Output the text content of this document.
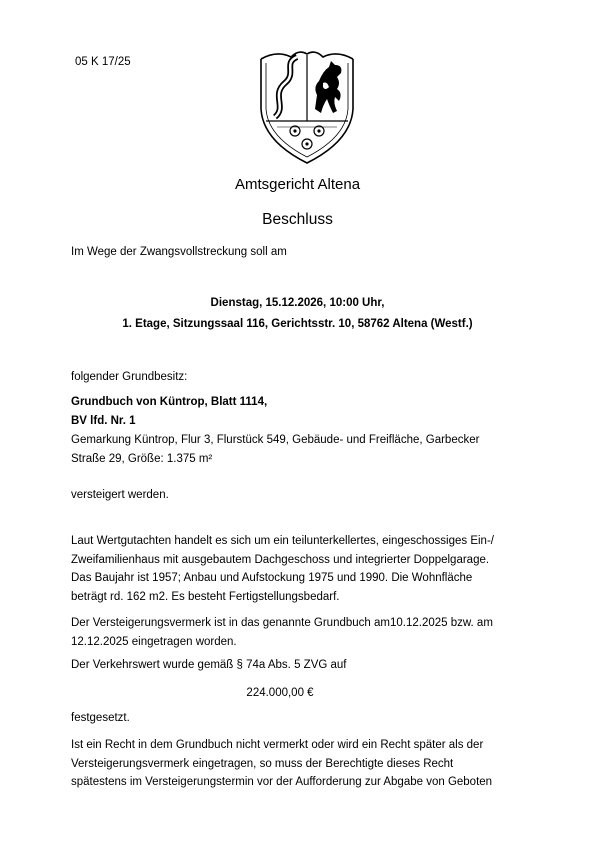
05 K 17/25
Amtsgericht Altena
Beschluss
Im Wege der Zwangsvollstreckung soll am
Dienstag, 15.12.2026, 10:00 Uhr,
1. Etage, Sitzungssaal 116, Gerichtsstr. 10, 58762 Altena (Westf.)
folgender Grundbesitz:
Grundbuch von Küntrop, Blatt 1114,
BV lfd. Nr. 1
Gemarkung Küntrop, Flur 3, Flurstück 549, Gebäude- und Freifläche, Garbecker
Straße 29, Größe: 1.375 m²
versteigert werden.
Laut Wertgutachten handelt es sich um ein teilunterkellertes, eingeschossiges Ein-/
Zweifamilienhaus mit ausgebautem Dachgeschoss und integrierter Doppelgarage.
Das Baujahr ist 1957; Anbau und Aufstockung 1975 und 1990. Die Wohnfläche
beträgt rd. 162 m2. Es besteht Fertigstellungsbedarf.
Der Versteigerungsvermerk ist in das genannte Grundbuch am10.12.2025 bzw. am
12.12.2025 eingetragen worden.
Der Verkehrswert wurde gemäß § 74a Abs. 5 ZVG auf
224.000,00 €
festgesetzt.
Ist ein Recht in dem Grundbuch nicht vermerkt oder wird ein Recht später als der
Versteigerungsvermerk eingetragen, so muss der Berechtigte dieses Recht
spätestens im Versteigerungstermin vor der Aufforderung zur Abgabe von Geboten
